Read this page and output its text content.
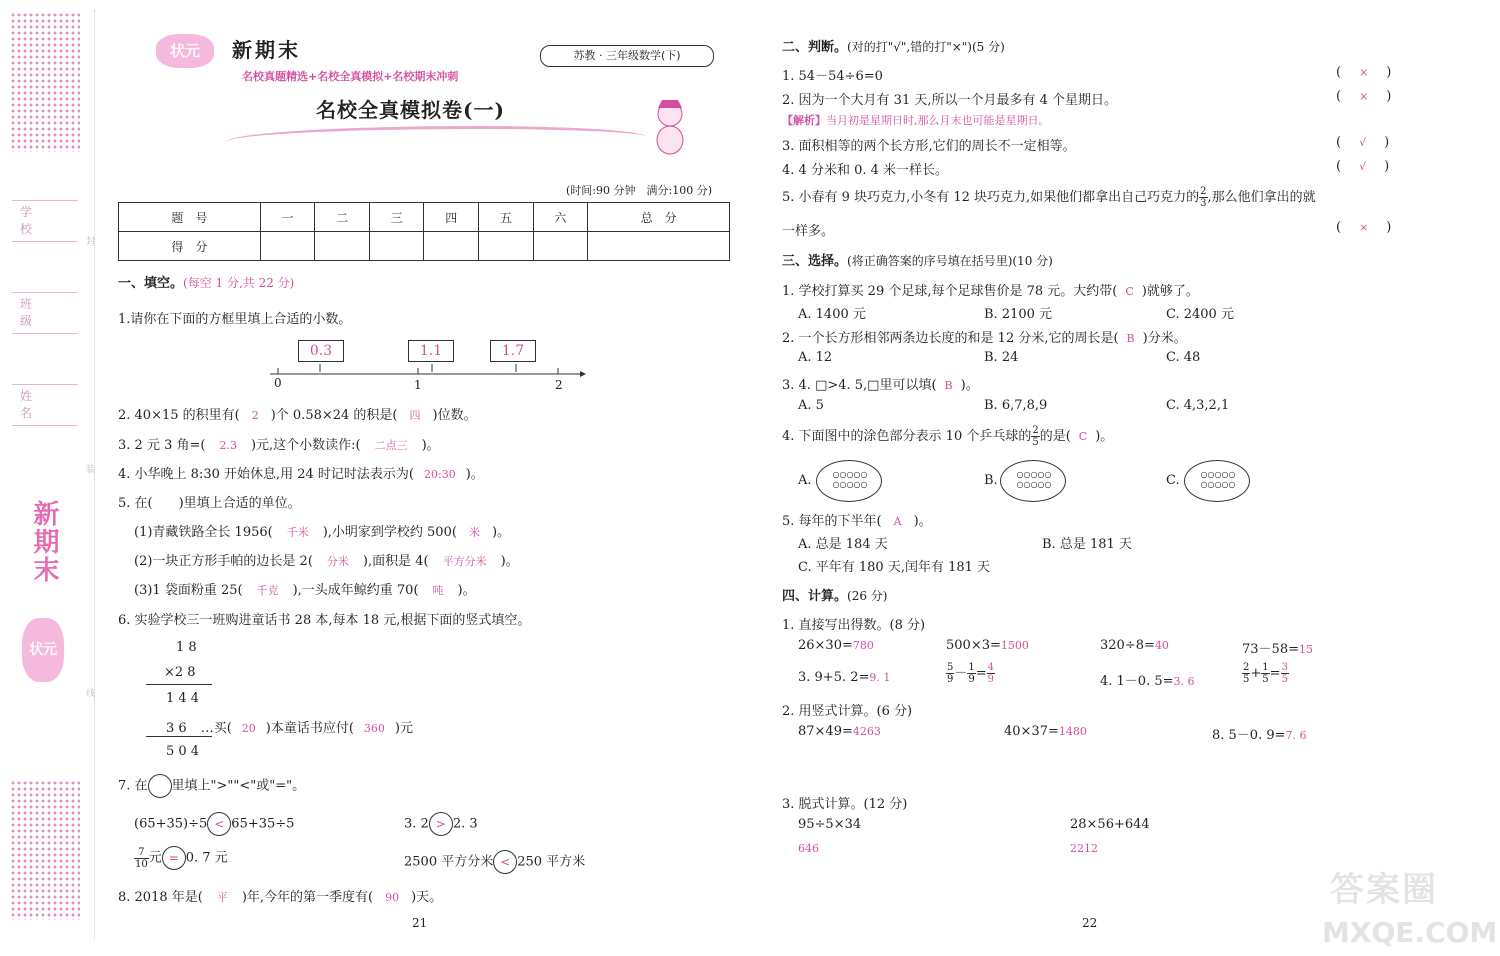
封
装
线
学校
班级
姓名
新期末
状元
状元	新期末
名校真题精选+名校全真模拟+名校期末冲刺
苏教 · 三年级数学(下)
名校全真模拟卷(一)
(时间:90 分钟　满分:100 分)
题　号	一	二	三	四	五	六	总　分
得　分							
一、填空。(每空 1 分,共 22 分)
1.请你在下面的方框里填上合适的小数。
0.3	1.1	1.7
0	1	2
2. 40×15 的积里有( 2 )个 0.58×24 的积是( 四 )位数。
3. 2 元 3 角=( 2.3 )元,这个小数读作:( 二点三 )。
4. 小华晚上 8:30 开始休息,用 24 时记时法表示为( 20:30 )。
5. 在(　　)里填上合适的单位。
(1)青藏铁路全长 1956( 千米 ),小明家到学校约 500( 米 )。
(2)一块正方形手帕的边长是 2( 分米 ),面积是 4( 平方分米 )。
(3)1 袋面粉重 25( 千克 ),一头成年鲸约重 70( 吨 )。
6. 实验学校三一班购进童话书 28 本,每本 18 元,根据下面的竖式填空。
1 8
×2 8
1 4 4
3 6 …买( 20 )本童话书应付( 360 )元
5 0 4
7. 在 里填上">""<"或"="。
(65+35)÷5 < 65+35÷5	3. 2 > 2. 3
$\frac{7}{10}$ 元 = 0. 7 元	2500 平方分米 < 250 平方米
8. 2018 年是( 平 )年,今年的第一季度有( 90 )天。
21
二、判断。(对的打"√",错的打"×")(5 分)
1. 54－54÷6=0	( × )
2. 因为一个大月有 31 天,所以一个月最多有 4 个星期日。	( × )
【解析】当月初是星期日时,那么月末也可能是星期日。
3. 面积相等的两个长方形,它们的周长不一定相等。	( √ )
4. 4 分米和 0. 4 米一样长。	( √ )
5. 小春有 9 块巧克力,小冬有 12 块巧克力,如果他们都拿出自己巧克力的 $\frac{2}{3}$ ,那么他们拿出的就
一样多。	( × )
三、选择。(将正确答案的序号填在括号里)(10 分)
1. 学校打算买 29 个足球,每个足球售价是 78 元。大约带( C )就够了。
A. 1400 元	B. 2100 元	C. 2400 元
2. 一个长方形相邻两条边长度的和是 12 分米,它的周长是( B )分米。
A. 12	B. 24	C. 48
3. 4. □>4. 5,□里可以填( B )。
A. 5	B. 6,7,8,9	C. 4,3,2,1
4. 下面图中的涂色部分表示 10 个乒乓球的 $\frac{2}{5}$ 的是( C )。
A.	○○○○○ ○○○○○	B.	○○○○○ ○○○○○	C.	○○○○○ ○○○○○
5. 每年的下半年( A )。
A. 总是 184 天	B. 总是 181 天
C. 平年有 180 天,闰年有 181 天
四、计算。(26 分)
1. 直接写出得数。(8 分)
26×30=780	500×3=1500	320÷8=40	73－58=15
3. 9+5. 2=9. 1	$\frac{5}{9} - \frac{1}{9} = \frac{4}{9}$	4. 1－0. 5=3. 6	$\frac{2}{5} + \frac{1}{5} = \frac{3}{5}$
2. 用竖式计算。(6 分)
87×49=4263	40×37=1480	8. 5－0. 9=7. 6
3. 脱式计算。(12 分)
95÷5×34
646
28×56+644
2212
22
答案圈
MXQE.COM
